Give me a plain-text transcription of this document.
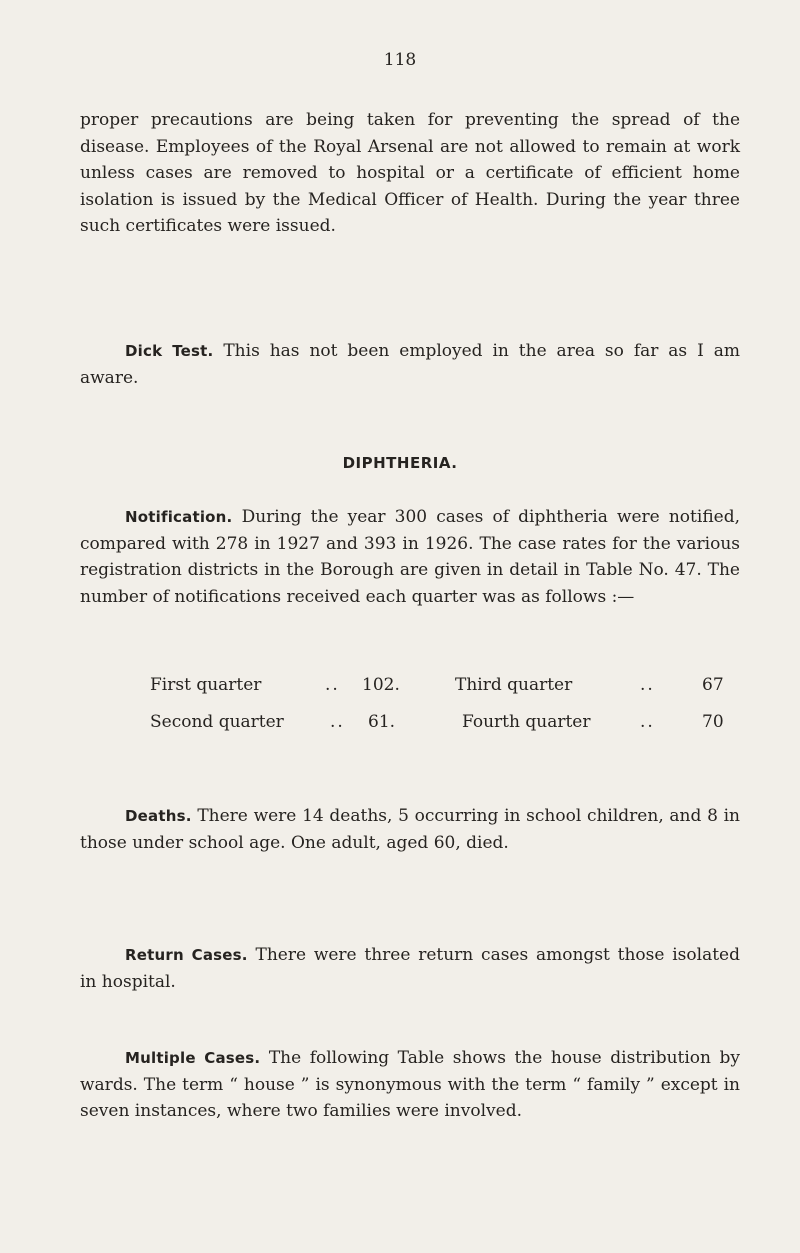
118

proper precautions are being taken for preventing the spread of the disease. Employees of the Royal Arsenal are not allowed to remain at work unless cases are removed to hospital or a certificate of efficient home isolation is issued by the Medical Officer of Health. During the year three such certificates were issued.

Dick Test. This has not been employed in the area so far as I am aware.

DIPHTHERIA.

Notification. During the year 300 cases of diphtheria were notified, compared with 278 in 1927 and 393 in 1926. The case rates for the various registration districts in the Borough are given in detail in Table No. 47. The number of notifications received each quarter was as follows :—

First quarter	.. 102.	Third quarter	..	67
Second quarter	.. 61.	Fourth quarter	..	70

Deaths. There were 14 deaths, 5 occurring in school children, and 8 in those under school age. One adult, aged 60, died.

Return Cases. There were three return cases amongst those isolated in hospital.

Multiple Cases. The following Table shows the house distribution by wards. The term “ house ” is synonymous with the term “ family ” except in seven instances, where two families were involved.
